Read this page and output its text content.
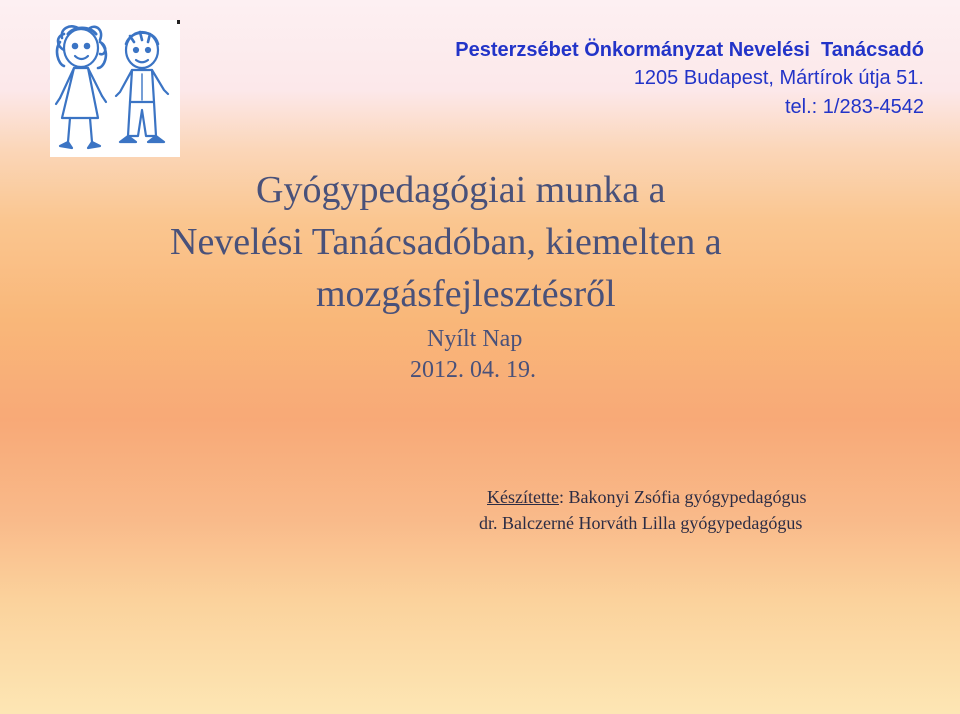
Pesterzsébet Önkormányzat Nevelési  Tanácsadó
1205 Budapest, Mártírok útja 51.
tel.: 1/283-4542
Gyógypedagógiai munka a
Nevelési Tanácsadóban, kiemelten a
mozgásfejlesztésről
Nyílt Nap
2012. 04. 19.
Készítette: Bakonyi Zsófia gyógypedagógus
dr. Balczerné Horváth Lilla gyógypedagógus
